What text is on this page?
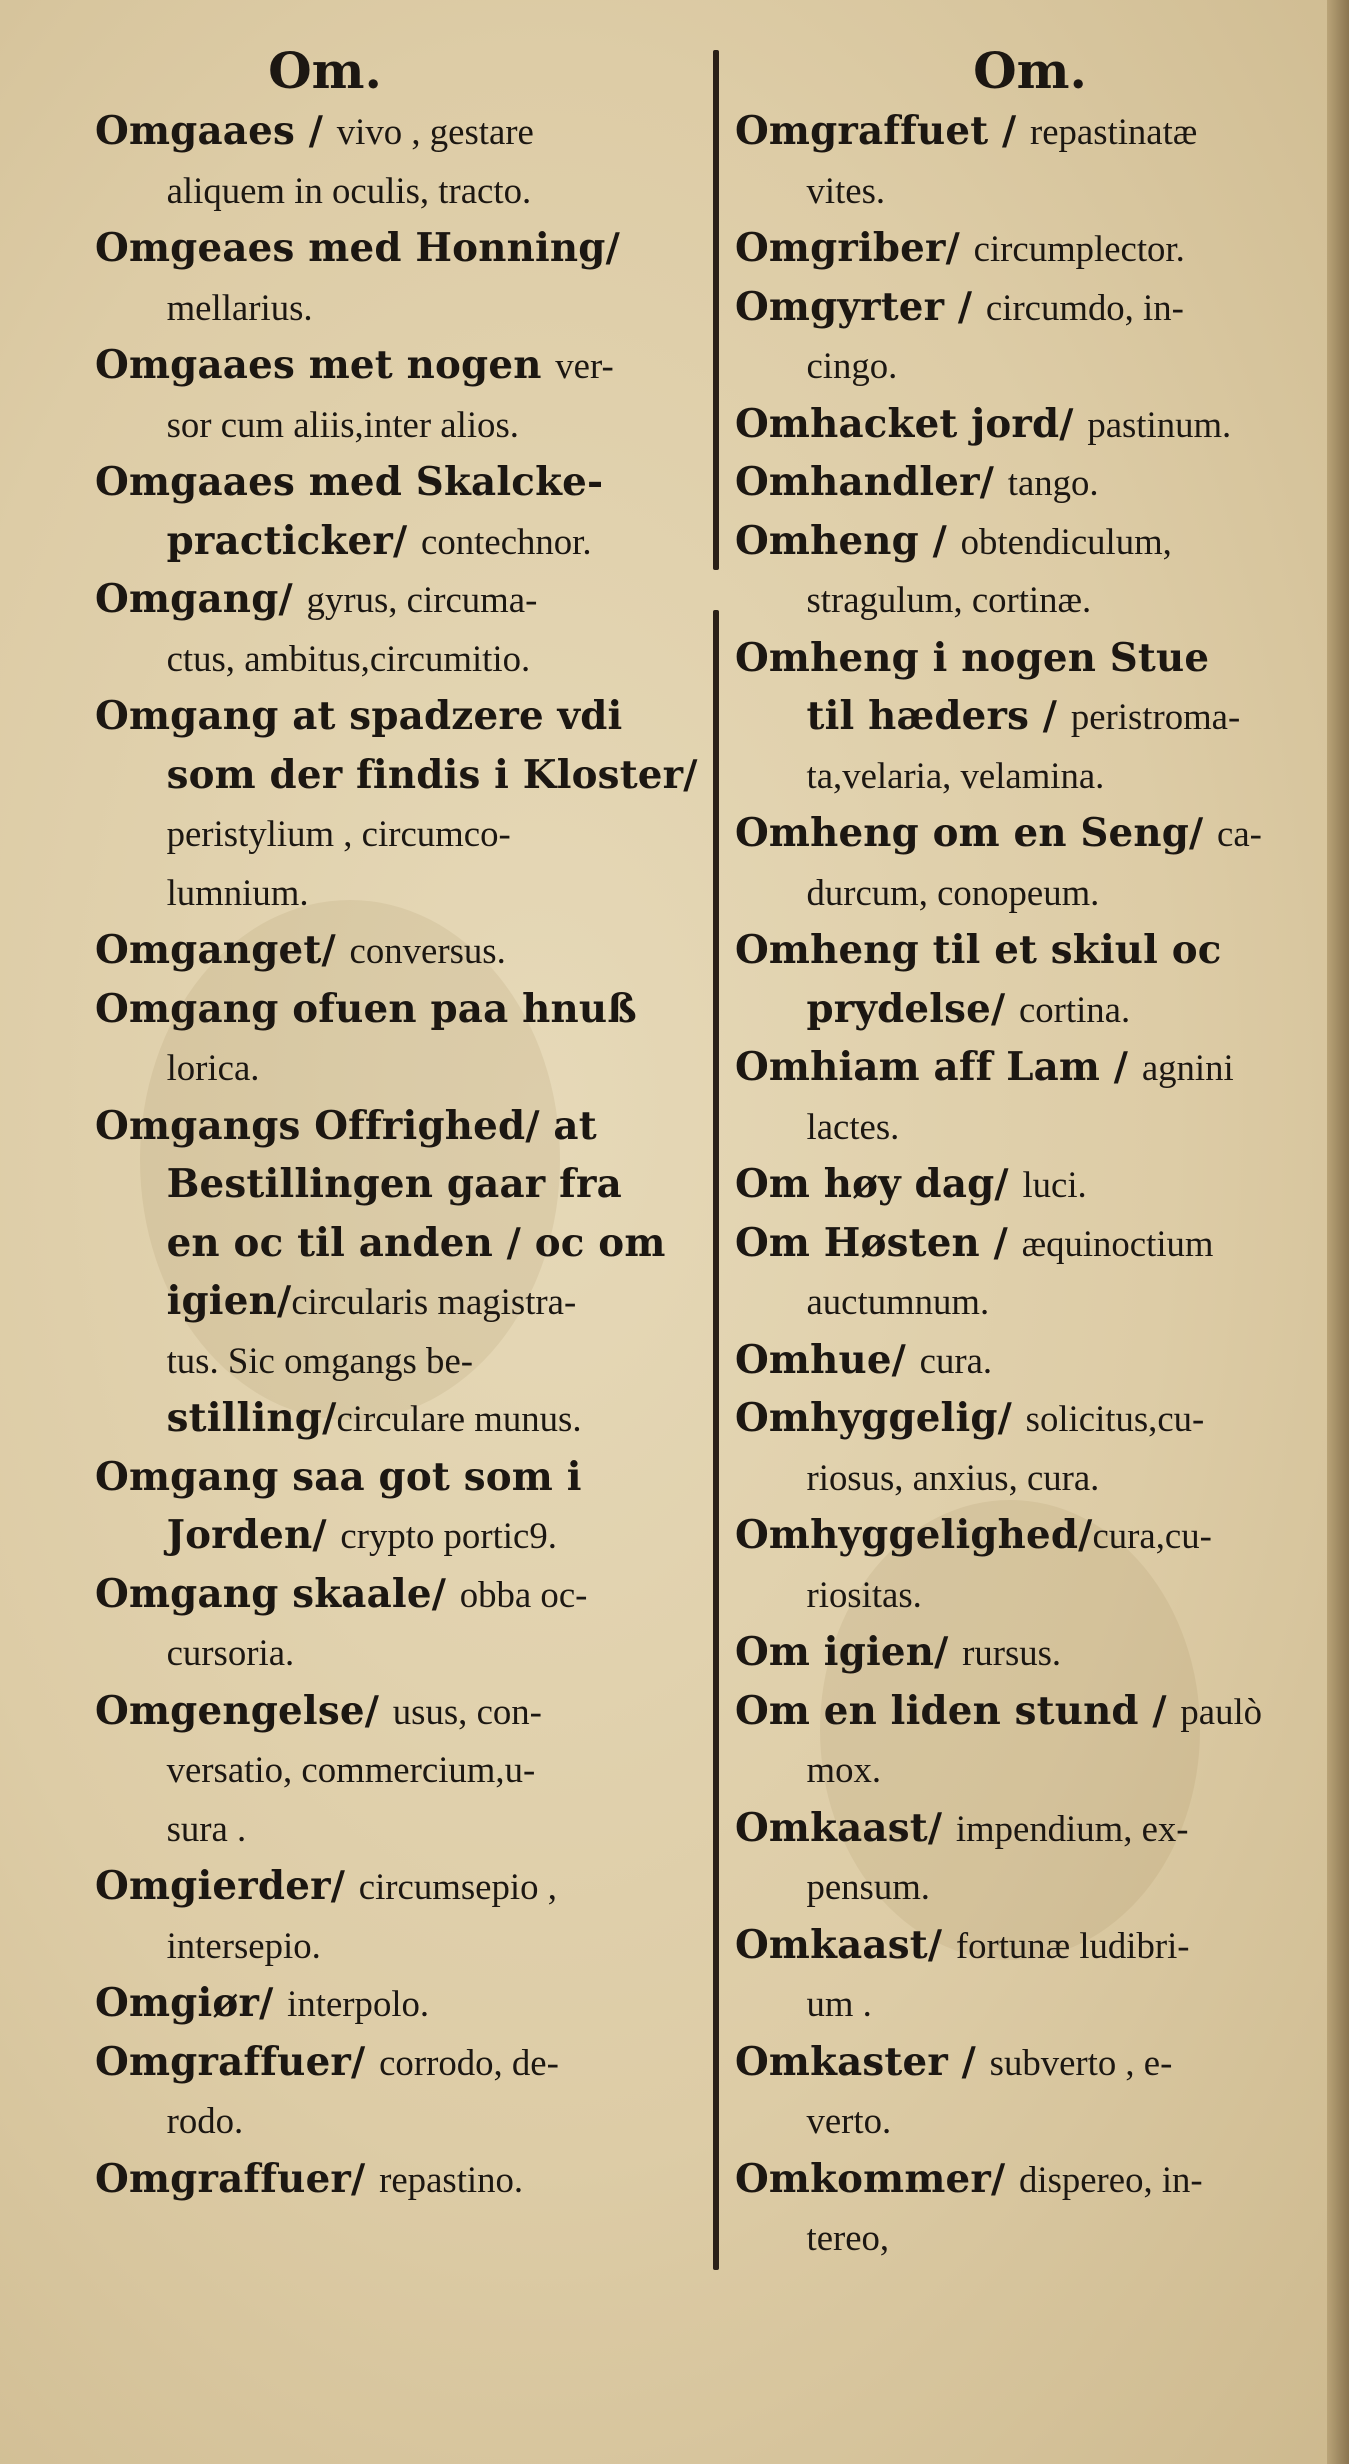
Om.
Omgaaes / vivo , gestare
aliquem in oculis, tracto.
Omgeaes med Honning/
mellarius.
Omgaaes met nogen ver-
sor cum aliis,inter alios.
Omgaaes med Skalcke-
practicker/ contechnor.
Omgang/ gyrus, circuma-
ctus, ambitus,circumitio.
Omgang at spadzere vdi
som der findis i Kloster/
peristylium , circumco-
lumnium.
Omganget/ conversus.
Omgang ofuen paa hnuß
lorica.
Omgangs Offrighed/ at
Bestillingen gaar fra
en oc til anden / oc om
igien/circularis magistra-
tus. Sic omgangs be-
stilling/circulare munus.
Omgang saa got som i
Jorden/ crypto portic9.
Omgang skaale/ obba oc-
cursoria.
Omgengelse/ usus, con-
versatio, commercium,u-
sura .
Omgierder/ circumsepio ,
intersepio.
Omgiør/ interpolo.
Omgraffuer/ corrodo, de-
rodo.
Omgraffuer/ repastino.
Om.
Omgraffuet / repastinatæ
vites.
Omgriber/ circumplector.
Omgyrter / circumdo, in-
cingo.
Omhacket jord/ pastinum.
Omhandler/ tango.
Omheng / obtendiculum,
stragulum, cortinæ.
Omheng i nogen Stue
til hæders / peristroma-
ta,velaria, velamina.
Omheng om en Seng/ ca-
durcum, conopeum.
Omheng til et skiul oc
prydelse/ cortina.
Omhiam aff Lam / agnini
lactes.
Om høy dag/ luci.
Om Høsten / æquinoctium
auctumnum.
Omhue/ cura.
Omhyggelig/ solicitus,cu-
riosus, anxius, cura.
Omhyggelighed/cura,cu-
riositas.
Om igien/ rursus.
Om en liden stund / paulò
mox.
Omkaast/ impendium, ex-
pensum.
Omkaast/ fortunæ ludibri-
um .
Omkaster / subverto , e-
verto.
Omkommer/ dispereo, in-
tereo,
